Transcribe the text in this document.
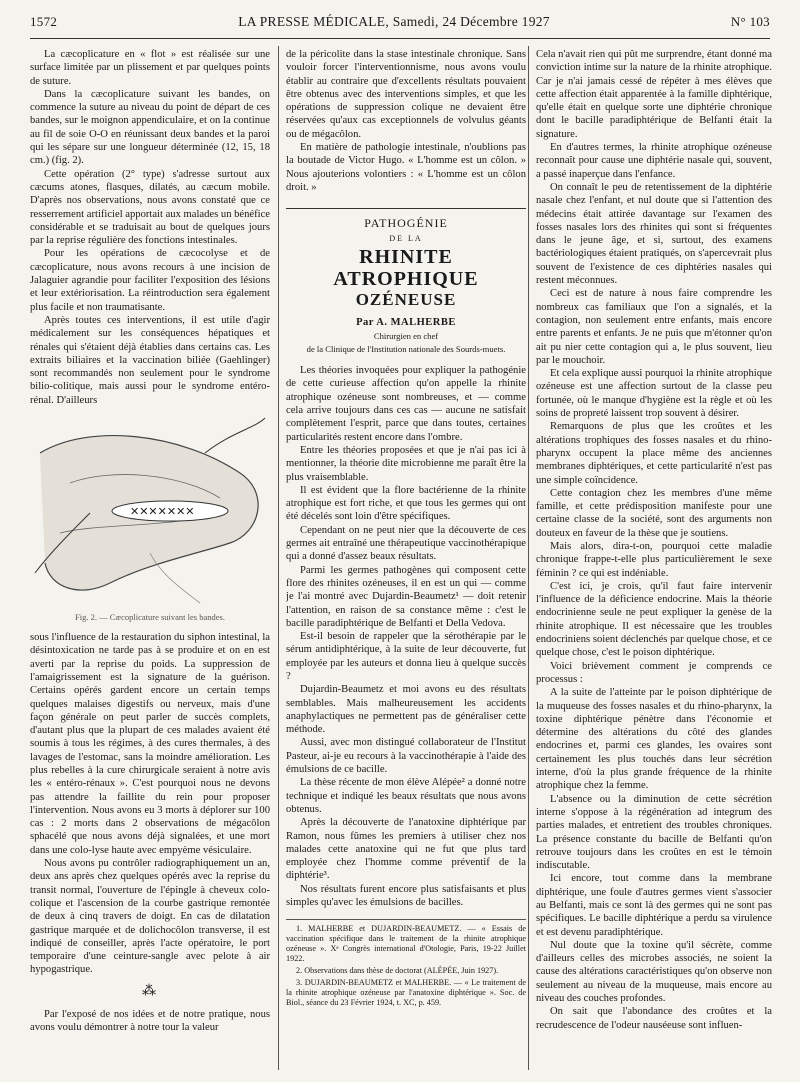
1572	LA PRESSE MÉDICALE, Samedi, 24 Décembre 1927	N° 103
La cæcoplicature en « flot » est réalisée sur une surface limitée par un plissement et par quelques points de suture.
Dans la cæcoplicature suivant les bandes, on commence la suture au niveau du point de départ de ces bandes, sur le moignon appendiculaire, et on la continue au fil de soie O-O en réunissant deux bandes et la paroi qui les sépare sur une longueur déterminée (12, 15, 18 cm.) (fig. 2).
Cette opération (2° type) s'adresse surtout aux cæcums atones, flasques, dilatés, au cæcum mobile. D'après nos observations, nous avons constaté que ce resserrement artificiel apportait aux malades un bénéfice considérable et se traduisait au bout de quelques jours par la reprise régulière des fonctions intestinales.
Pour les opérations de cæcocolyse et de cæcoplicature, nous avons recours à une incision de Jalaguier agrandie pour faciliter l'exposition des lésions et leur extériorisation. La réintroduction sera également plus facile et non traumatisante.
Après toutes ces interventions, il est utile d'agir médicalement sur les conséquences hépatiques et rénales qui s'étaient déjà établies dans certains cas. Les extraits biliaires et la vaccination biliée (Gaehlinger) sont recommandés non seulement pour le syndrome bilio-colitique, mais aussi pour le syndrome entéro-rénal. D'ailleurs
✕✕✕✕✕✕✕
Fig. 2. — Cæcoplicature suivant les bandes.
sous l'influence de la restauration du siphon intestinal, la désintoxication ne tarde pas à se produire et on en est averti par la reprise du poids. La suppression de l'amaigrissement est la signature de la guérison. Certains opérés gardent encore un certain temps quelques malaises digestifs ou nerveux, mais d'une façon générale on peut parler de succès complets, d'autant plus que la plupart de ces malades avaient été soumis à tous les régimes, à des cures thermales, à des lavages de l'estomac, sans la moindre amélioration. Les plus rebelles à la cure chirurgicale seraient à notre avis les « entéro-rénaux ». C'est pourquoi nous ne devons pas attendre la faillite du rein pour proposer l'intervention. Nous avons eu 3 morts à déplorer sur 100 cas : 2 morts dans 2 observations de mégacôlon sphacélé que nous avons déjà signalées, et une mort dans une colo-lyse haute avec empyème vésiculaire.
Nous avons pu contrôler radiographiquement un an, deux ans après chez quelques opérés avec la reprise du transit normal, l'ouverture de l'épingle à cheveux colo-colique et l'ascension de la courbe gastrique remontée de deux à cinq travers de doigt. En cas de dilatation gastrique marquée et de dolichocôlon transverse, il est indiqué de conseiller, après l'acte opératoire, le port temporaire d'une ceinture-sangle avec pelote à air hypogastrique.
⁂
Par l'exposé de nos idées et de notre pratique, nous avons voulu démontrer à notre tour la valeur
de la péricolite dans la stase intestinale chronique. Sans vouloir forcer l'interventionnisme, nous avons voulu établir au contraire que d'excellents résultats pouvaient être obtenus avec des interventions simples, et que les opérations de suppression colique ne devaient être réservées qu'aux cas exceptionnels de volvulus géants ou de mégacôlon.
En matière de pathologie intestinale, n'oublions pas la boutade de Victor Hugo. « L'homme est un côlon. » Nous ajouterions volontiers : « L'homme est un côlon droit. »
PATHOGÉNIE
DE LA
RHINITE ATROPHIQUE
OZÉNEUSE
Par A. MALHERBE
Chirurgien en chef
de la Clinique de l'Institution nationale des Sourds-muets.
Les théories invoquées pour expliquer la pathogénie de cette curieuse affection qu'on appelle la rhinite atrophique ozéneuse sont nombreuses, et — comme cela arrive toujours dans ces cas — aucune ne satisfait complètement l'esprit, parce que dans toutes, certaines particularités restent encore dans l'ombre.
Entre les théories proposées et que je n'ai pas ici à mentionner, la théorie dite microbienne me paraît être la plus vraisemblable.
Il est évident que la flore bactérienne de la rhinite atrophique est fort riche, et que tous les germes qui ont été décelés sont loin d'être spécifiques.
Cependant on ne peut nier que la découverte de ces germes ait entraîné une thérapeutique vaccinothérapique qui a donné d'assez beaux résultats.
Parmi les germes pathogènes qui composent cette flore des rhinites ozéneuses, il en est un qui — comme je l'ai montré avec Dujardin-Beaumetz¹ — doit retenir l'attention, en raison de sa constance même : c'est le bacille paradiphtérique de Belfanti et Della Vedova.
Est-il besoin de rappeler que la sérothérapie par le sérum antidiphtérique, à la suite de leur découverte, fut employée par les auteurs et donna lieu à quelque succès ?
Dujardin-Beaumetz et moi avons eu des résultats semblables. Mais malheureusement les accidents anaphylactiques ne permettent pas de généraliser cette méthode.
Aussi, avec mon distingué collaborateur de l'Institut Pasteur, ai-je eu recours à la vaccinothérapie à l'aide des émulsions de ce bacille.
La thèse récente de mon élève Alépée² a donné notre technique et indiqué les beaux résultats que nous avons obtenus.
Après la découverte de l'anatoxine diphtérique par Ramon, nous fûmes les premiers à utiliser chez nos malades cette anatoxine qui ne fut que plus tard employée chez l'homme comme préventif de la diphtérie³.
Nos résultats furent encore plus satisfaisants et plus simples qu'avec les émulsions de bacilles.
1. MALHERBE et DUJARDIN-BEAUMETZ. — « Essais de vaccination spécifique dans le traitement de la rhinite atrophique ozéneuse ». Xᵉ Congrès international d'Otologie, Paris, 19-22 Juillet 1922.
2. Observations dans thèse de doctorat (ALÉPÉE, Juin 1927).
3. DUJARDIN-BEAUMETZ et MALHERBE. — « Le traitement de la rhinite atrophique ozéneuse par l'anatoxine diphtérique ». Soc. de Biol., séance du 23 Février 1924, t. XC, p. 459.
Cela n'avait rien qui pût me surprendre, étant donné ma conviction intime sur la nature de la rhinite atrophique. Car je n'ai jamais cessé de répéter à mes élèves que cette affection était apparentée à la famille diphtérique, qu'elle était en quelque sorte une diphtérie chronique dont le bacille paradiphtérique de Belfanti était la signature.
En d'autres termes, la rhinite atrophique ozéneuse reconnaît pour cause une diphtérie nasale qui, souvent, a passé inaperçue dans l'enfance.
On connaît le peu de retentissement de la diphtérie nasale chez l'enfant, et nul doute que si l'attention des médecins était attirée davantage sur l'examen des fosses nasales lors des rhinites qui sont si fréquentes dans le jeune âge, et si, surtout, des examens bactériologiques étaient pratiqués, on s'apercevrait plus souvent de l'existence de ces diphtéries nasales qui restent méconnues.
Ceci est de nature à nous faire comprendre les nombreux cas familiaux que l'on a signalés, et la contagion, non seulement entre enfants, mais encore entre parents et enfants. Je ne puis que m'étonner qu'on ait pu nier cette contagion qui a, le plus souvent, lieu par le mouchoir.
Et cela explique aussi pourquoi la rhinite atrophique ozéneuse est une affection surtout de la classe peu fortunée, où le manque d'hygiène est la règle et où les soins de propreté laissent trop souvent à désirer.
Remarquons de plus que les croûtes et les altérations trophiques des fosses nasales et du rhino-pharynx occupent la place même des anciennes membranes diphtériques, et cette particularité n'est pas une simple coïncidence.
Cette contagion chez les membres d'une même famille, et cette prédisposition manifeste pour une certaine classe de la société, sont des arguments non douteux en faveur de la thèse que je soutiens.
Mais alors, dira-t-on, pourquoi cette maladie chronique frappe-t-elle plus particulièrement le sexe féminin ? ce qui est indéniable.
C'est ici, je crois, qu'il faut faire intervenir l'influence de la déficience endocrine. Mais la théorie endocrinienne seule ne peut expliquer la genèse de la rhinite atrophique. Il est nécessaire que les troubles endocriniens soient déclenchés par quelque chose, et ce quelque chose, c'est le poison diphtérique.
Voici brièvement comment je comprends ce processus :
A la suite de l'atteinte par le poison diphtérique de la muqueuse des fosses nasales et du rhino-pharynx, la toxine diphtérique pénètre dans l'économie et détermine des altérations du côté des glandes endocrines et, parmi ces glandes, les ovaires sont certainement les plus touchés dans leur sécrétion interne, d'où la plus grande fréquence de la rhinite atrophique chez la femme.
L'absence ou la diminution de cette sécrétion interne s'oppose à la régénération ad integrum des parties malades, et entretient des troubles chroniques. La présence constante du bacille de Belfanti qu'on retrouve toujours dans les croûtes en est le témoin indiscutable.
Ici encore, tout comme dans la membrane diphtérique, une foule d'autres germes vient s'associer au Belfanti, mais ce sont là des germes qui ne sont pas spécifiques. Le bacille diphtérique a perdu sa virulence et est devenu paradiphtérique.
Nul doute que la toxine qu'il sécrète, comme d'ailleurs celles des microbes associés, ne soient la cause des altérations caractéristiques qu'on observe non seulement au niveau de la muqueuse, mais encore au niveau des couches profondes.
On sait que l'abondance des croûtes et la recrudescence de l'odeur nauséeuse sont influen-
